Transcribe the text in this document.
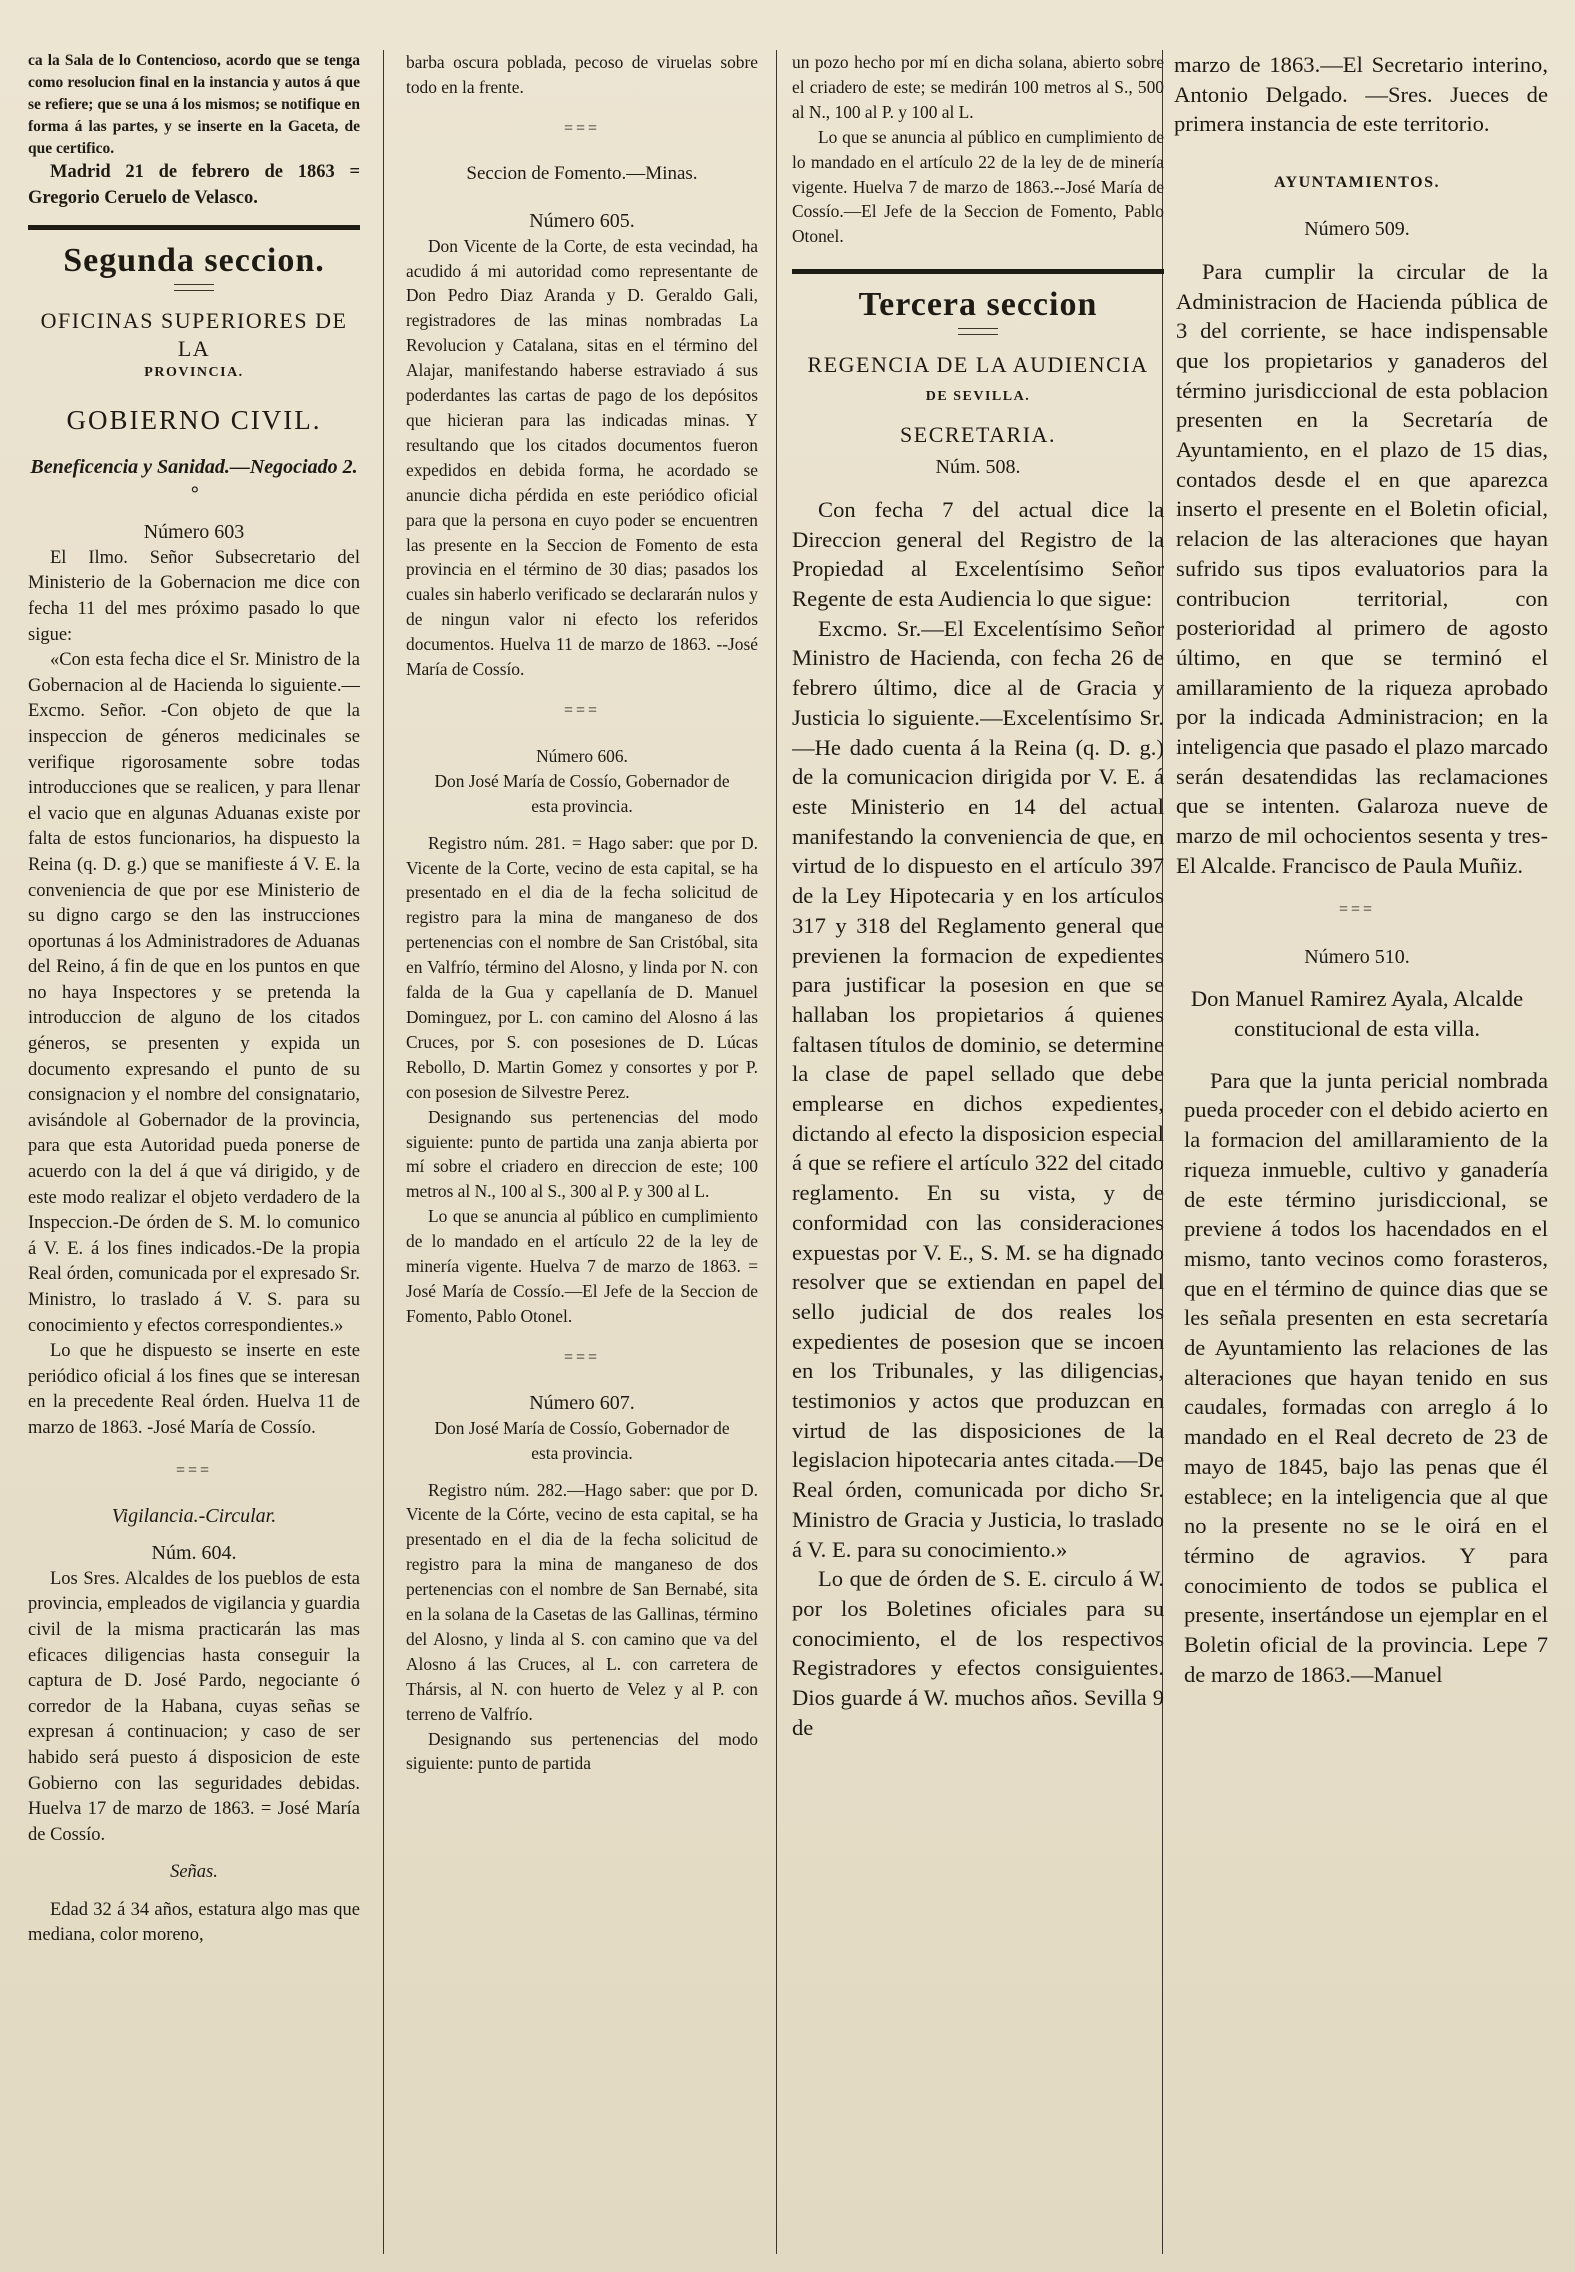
ca la Sala de lo Contencioso, acordo que se tenga como resolucion final en la instancia y autos á que se refiere; que se una á los mismos; se notifique en forma á las partes, y se inserte en la Gaceta, de que certifico.

Madrid 21 de febrero de 1863 = Gregorio Ceruelo de Velasco.

Segunda seccion.
OFICINAS SUPERIORES DE LA
PROVINCIA.
GOBIERNO CIVIL.

Beneficencia y Sanidad.—Negociado 2.°

Número 603

El Ilmo. Señor Subsecretario del Ministerio de la Gobernacion me dice con fecha 11 del mes próximo pasado lo que sigue:

«Con esta fecha dice el Sr. Ministro de la Gobernacion al de Hacienda lo siguiente.—Excmo. Señor. -Con objeto de que la inspeccion de géneros medicinales se verifique rigorosamente sobre todas introducciones que se realicen, y para llenar el vacio que en algunas Aduanas existe por falta de estos funcionarios, ha dispuesto la Reina (q. D. g.) que se manifieste á V. E. la conveniencia de que por ese Ministerio de su digno cargo se den las instrucciones oportunas á los Administradores de Aduanas del Reino, á fin de que en los puntos en que no haya Inspectores y se pretenda la introduccion de alguno de los citados géneros, se presenten y expida un documento expresando el punto de su consignacion y el nombre del consignatario, avisándole al Gobernador de la provincia, para que esta Autoridad pueda ponerse de acuerdo con la del á que vá dirigido, y de este modo realizar el objeto verdadero de la Inspeccion.-De órden de S. M. lo comunico á V. E. á los fines indicados.-De la propia Real órden, comunicada por el expresado Sr. Ministro, lo traslado á V. S. para su conocimiento y efectos correspondientes.»

Lo que he dispuesto se inserte en este periódico oficial á los fines que se interesan en la precedente Real órden. Huelva 11 de marzo de 1863. -José María de Cossío.

===

Vigilancia.-Circular.

Núm. 604.

Los Sres. Alcaldes de los pueblos de esta provincia, empleados de vigilancia y guardia civil de la misma practicarán las mas eficaces diligencias hasta conseguir la captura de D. José Pardo, negociante ó corredor de la Habana, cuyas señas se expresan á continuacion; y caso de ser habido será puesto á disposicion de este Gobierno con las seguridades debidas. Huelva 17 de marzo de 1863. = José María de Cossío.

Señas.

Edad 32 á 34 años, estatura algo mas que mediana, color moreno,

barba oscura poblada, pecoso de viruelas sobre todo en la frente.

===

Seccion de Fomento.—Minas.

Número 605.

Don Vicente de la Corte, de esta vecindad, ha acudido á mi autoridad como representante de Don Pedro Diaz Aranda y D. Geraldo Gali, registradores de las minas nombradas La Revolucion y Catalana, sitas en el término del Alajar, manifestando haberse estraviado á sus poderdantes las cartas de pago de los depósitos que hicieran para las indicadas minas. Y resultando que los citados documentos fueron expedidos en debida forma, he acordado se anuncie dicha pérdida en este periódico oficial para que la persona en cuyo poder se encuentren las presente en la Seccion de Fomento de esta provincia en el término de 30 dias; pasados los cuales sin haberlo verificado se declararán nulos y de ningun valor ni efecto los referidos documentos. Huelva 11 de marzo de 1863. --José María de Cossío.

===

Número 606.

Don José María de Cossío, Gobernador de esta provincia.

Registro núm. 281. = Hago saber: que por D. Vicente de la Corte, vecino de esta capital, se ha presentado en el dia de la fecha solicitud de registro para la mina de manganeso de dos pertenencias con el nombre de San Cristóbal, sita en Valfrío, término del Alosno, y linda por N. con falda de la Gua y capellanía de D. Manuel Dominguez, por L. con camino del Alosno á las Cruces, por S. con posesiones de D. Lúcas Rebollo, D. Martin Gomez y consortes y por P. con posesion de Silvestre Perez.

Designando sus pertenencias del modo siguiente: punto de partida una zanja abierta por mí sobre el criadero en direccion de este; 100 metros al N., 100 al S., 300 al P. y 300 al L.

Lo que se anuncia al público en cumplimiento de lo mandado en el artículo 22 de la ley de minería vigente. Huelva 7 de marzo de 1863. = José María de Cossío.—El Jefe de la Seccion de Fomento, Pablo Otonel.

===

Número 607.

Don José María de Cossío, Gobernador de esta provincia.

Registro núm. 282.—Hago saber: que por D. Vicente de la Córte, vecino de esta capital, se ha presentado en el dia de la fecha solicitud de registro para la mina de manganeso de dos pertenencias con el nombre de San Bernabé, sita en la solana de la Casetas de las Gallinas, término del Alosno, y linda al S. con camino que va del Alosno á las Cruces, al L. con carretera de Thársis, al N. con huerto de Velez y al P. con terreno de Valfrío.

Designando sus pertenencias del modo siguiente: punto de partida

un pozo hecho por mí en dicha solana, abierto sobre el criadero de este; se medirán 100 metros al S., 500 al N., 100 al P. y 100 al L.

Lo que se anuncia al público en cumplimiento de lo mandado en el artículo 22 de la ley de de minería vigente. Huelva 7 de marzo de 1863.--José María de Cossío.—El Jefe de la Seccion de Fomento, Pablo Otonel.

Tercera seccion
REGENCIA DE LA AUDIENCIA
DE SEVILLA.
SECRETARIA.

Núm. 508.

Con fecha 7 del actual dice la Direccion general del Registro de la Propiedad al Excelentísimo Señor Regente de esta Audiencia lo que sigue:

Excmo. Sr.—El Excelentísimo Señor Ministro de Hacienda, con fecha 26 de febrero último, dice al de Gracia y Justicia lo siguiente.—Excelentísimo Sr.—He dado cuenta á la Reina (q. D. g.) de la comunicacion dirigida por V. E. á este Ministerio en 14 del actual manifestando la conveniencia de que, en virtud de lo dispuesto en el artículo 397 de la Ley Hipotecaria y en los artículos 317 y 318 del Reglamento general que previenen la formacion de expedientes para justificar la posesion en que se hallaban los propietarios á quienes faltasen títulos de dominio, se determine la clase de papel sellado que debe emplearse en dichos expedientes, dictando al efecto la disposicion especial á que se refiere el artículo 322 del citado reglamento. En su vista, y de conformidad con las consideraciones expuestas por V. E., S. M. se ha dignado resolver que se extiendan en papel del sello judicial de dos reales los expedientes de posesion que se incoen en los Tribunales, y las diligencias, testimonios y actos que produzcan en virtud de las disposiciones de la legislacion hipotecaria antes citada.—De Real órden, comunicada por dicho Sr. Ministro de Gracia y Justicia, lo traslado á V. E. para su conocimiento.»

Lo que de órden de S. E. circulo á W. por los Boletines oficiales para su conocimiento, el de los respectivos Registradores y efectos consiguientes. Dios guarde á W. muchos años. Sevilla 9 de

marzo de 1863.—El Secretario interino, Antonio Delgado. —Sres. Jueces de primera instancia de este territorio.

AYUNTAMIENTOS.

Número 509.

Para cumplir la circular de la Administracion de Hacienda pública de 3 del corriente, se hace indispensable que los propietarios y ganaderos del término jurisdiccional de esta poblacion presenten en la Secretaría de Ayuntamiento, en el plazo de 15 dias, contados desde el en que aparezca inserto el presente en el Boletin oficial, relacion de las alteraciones que hayan sufrido sus tipos evaluatorios para la contribucion territorial, con posterioridad al primero de agosto último, en que se terminó el amillaramiento de la riqueza aprobado por la indicada Administracion; en la inteligencia que pasado el plazo marcado serán desatendidas las reclamaciones que se intenten. Galaroza nueve de marzo de mil ochocientos sesenta y tres-El Alcalde. Francisco de Paula Muñiz.

===

Número 510.

Don Manuel Ramirez Ayala, Alcalde constitucional de esta villa.

Para que la junta pericial nombrada pueda proceder con el debido acierto en la formacion del amillaramiento de la riqueza inmueble, cultivo y ganadería de este término jurisdiccional, se previene á todos los hacendados en el mismo, tanto vecinos como forasteros, que en el término de quince dias que se les señala presenten en esta secretaría de Ayuntamiento las relaciones de las alteraciones que hayan tenido en sus caudales, formadas con arreglo á lo mandado en el Real decreto de 23 de mayo de 1845, bajo las penas que él establece; en la inteligencia que al que no la presente no se le oirá en el término de agravios. Y para conocimiento de todos se publica el presente, insertándose un ejemplar en el Boletin oficial de la provincia. Lepe 7 de marzo de 1863.—Manuel
